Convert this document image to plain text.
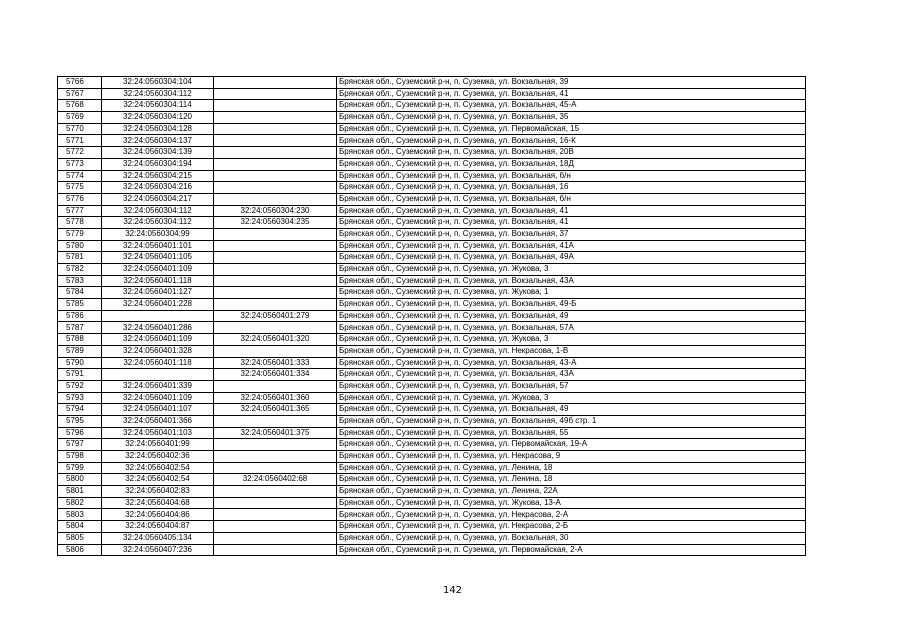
5766	32:24:0560304:104		Брянская обл., Суземский р-н, п. Суземка, ул. Вокзальная, 39
5767	32:24:0560304:112		Брянская обл., Суземский р-н, п. Суземка, ул. Вокзальная, 41
5768	32:24:0560304:114		Брянская обл., Суземский р-н, п. Суземка, ул. Вокзальная, 45-А
5769	32:24:0560304:120		Брянская обл., Суземский р-н, п. Суземка, ул. Вокзальная, 35
5770	32:24:0560304:128		Брянская обл., Суземский р-н, п. Суземка, ул. Первомайская, 15
5771	32:24:0560304:137		Брянская обл., Суземский р-н, п. Суземка, ул. Вокзальная, 16-К
5772	32:24:0560304:139		Брянская обл., Суземский р-н, п. Суземка, ул. Вокзальная, 20В
5773	32:24:0560304:194		Брянская обл., Суземский р-н, п. Суземка, ул. Вокзальная, 18Д
5774	32:24:0560304:215		Брянская обл., Суземский р-н, п. Суземка, ул. Вокзальная, б/н
5775	32:24:0560304:216		Брянская обл., Суземский р-н, п. Суземка, ул. Вокзальная, 16
5776	32:24:0560304:217		Брянская обл., Суземский р-н, п. Суземка, ул. Вокзальная, б/н
5777	32:24:0560304:112	32:24:0560304:230	Брянская обл., Суземский р-н, п. Суземка, ул. Вокзальная, 41
5778	32:24:0560304:112	32:24:0560304:235	Брянская обл., Суземский р-н, п. Суземка, ул. Вокзальная, 41
5779	32:24:0560304:99		Брянская обл., Суземский р-н, п. Суземка, ул. Вокзальная, 37
5780	32:24:0560401:101		Брянская обл., Суземский р-н, п. Суземка, ул. Вокзальная, 41А
5781	32:24:0560401:105		Брянская обл., Суземский р-н, п. Суземка, ул. Вокзальная, 49А
5782	32:24:0560401:109		Брянская обл., Суземский р-н, п. Суземка, ул. Жукова, 3
5783	32:24:0560401:118		Брянская обл., Суземский р-н, п. Суземка, ул. Вокзальная, 43А
5784	32:24:0560401:127		Брянская обл., Суземский р-н, п. Суземка, ул. Жукова, 1
5785	32:24:0560401:228		Брянская обл., Суземский р-н, п. Суземка, ул. Вокзальная, 49-Б
5786		32:24:0560401:279	Брянская обл., Суземский р-н, п. Суземка, ул. Вокзальная, 49
5787	32:24:0560401:286		Брянская обл., Суземский р-н, п. Суземка, ул. Вокзальная, 57А
5788	32:24:0560401:109	32:24:0560401:320	Брянская обл., Суземский р-н, п. Суземка, ул. Жукова, 3
5789	32:24:0560401:328		Брянская обл., Суземский р-н, п. Суземка, ул. Некрасова, 1-В
5790	32:24:0560401:118	32:24:0560401:333	Брянская обл., Суземский р-н, п. Суземка, ул. Вокзальная, 43-А
5791		32:24:0560401:334	Брянская обл., Суземский р-н, п. Суземка, ул. Вокзальная, 43А
5792	32:24:0560401:339		Брянская обл., Суземский р-н, п. Суземка, ул. Вокзальная, 57
5793	32:24:0560401:109	32:24:0560401:360	Брянская обл., Суземский р-н, п. Суземка, ул. Жукова, 3
5794	32:24:0560401:107	32:24:0560401:365	Брянская обл., Суземский р-н, п. Суземка, ул. Вокзальная, 49
5795	32:24:0560401:366		Брянская обл., Суземский р-н, п. Суземка, ул. Вокзальная, 49б стр. 1
5796	32:24:0560401:103	32:24:0560401:375	Брянская обл., Суземский р-н, п. Суземка, ул. Вокзальная, 55
5797	32:24:0560401:99		Брянская обл., Суземский р-н, п. Суземка, ул. Первомайская, 19-А
5798	32:24:0560402:36		Брянская обл., Суземский р-н, п. Суземка, ул. Некрасова, 9
5799	32:24:0560402:54		Брянская обл., Суземский р-н, п. Суземка, ул. Ленина, 18
5800	32:24:0560402:54	32:24:0560402:68	Брянская обл., Суземский р-н, п. Суземка, ул. Ленина, 18
5801	32:24:0560402:83		Брянская обл., Суземский р-н, п. Суземка, ул. Ленина, 22А
5802	32:24:0560404:68		Брянская обл., Суземский р-н, п. Суземка, ул. Жукова, 13-А
5803	32:24:0560404:86		Брянская обл., Суземский р-н, п. Суземка, ул. Некрасова, 2-А
5804	32:24:0560404:87		Брянская обл., Суземский р-н, п. Суземка, ул. Некрасова, 2-Б
5805	32:24:0560405:134		Брянская обл., Суземский р-н, п. Суземка, ул. Вокзальная, 30
5806	32:24:0560407:236		Брянская обл., Суземский р-н, п. Суземка, ул. Первомайская, 2-А
142
